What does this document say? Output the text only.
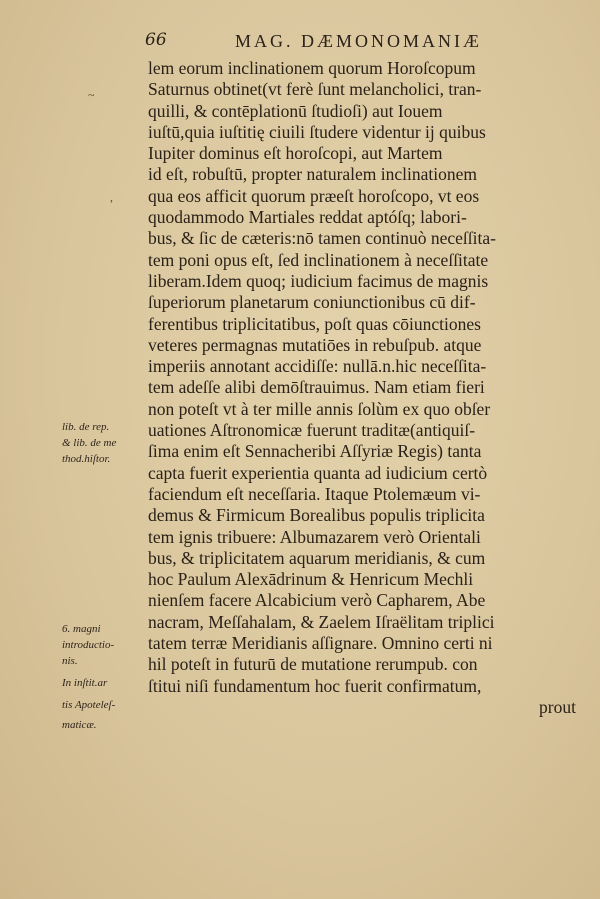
66	MAG. DÆMONOMANIÆ
~
,
lib. de rep.
& lib. de me
thod.hiſtor.
6. magni
introductio-
nis.
In inſtit.ar
tis Apoteleſ-
maticæ.
lem eorum inclinationem quorum Horoſcopum
Saturnus obtinet(vt ferè ſunt melancholici, tran-
quilli, & contēplationū ſtudioſi) aut Iouem
iuſtū,quia iuſtitię ciuili ſtudere videntur ij quibus
Iupiter dominus eſt horoſcopi, aut Martem
id eſt, robuſtū, propter naturalem inclinationem
qua eos afficit quorum præeſt horoſcopo, vt eos
quodammodo Martiales reddat aptóſq; labori-
bus, & ſic de cæteris:nō tamen continuò neceſſita-
tem poni opus eſt, ſed inclinationem à neceſſitate
liberam.Idem quoq; iudicium facimus de magnis
ſuperiorum planetarum coniunctionibus cū dif-
ferentibus triplicitatibus, poſt quas cōiunctiones
veteres permagnas mutatiōes in rebuſpub. atque
imperiis annotant accidiſſe: nullā.n.hic neceſſita-
tem adeſſe alibi demōſtrauimus. Nam etiam fieri
non poteſt vt à ter mille annis ſolùm ex quo obſer
uationes Aſtronomicæ fuerunt traditæ(antiquiſ-
ſima enim eſt Sennacheribi Aſſyriæ Regis) tanta
capta fuerit experientia quanta ad iudicium certò
faciendum eſt neceſſaria. Itaque Ptolemæum vi-
demus & Firmicum Borealibus populis triplicita
tem ignis tribuere: Albumazarem verò Orientali
bus, & triplicitatem aquarum meridianis, & cum
hoc Paulum Alexādrinum & Henricum Mechli
nienſem facere Alcabicium verò Capharem, Abe
nacram, Meſſahalam, & Zaelem Iſraëlitam triplici
tatem terræ Meridianis aſſignare. Omnino certi ni
hil poteſt in futurū de mutatione rerumpub. con
ſtitui niſi fundamentum hoc fuerit confirmatum,
prout
